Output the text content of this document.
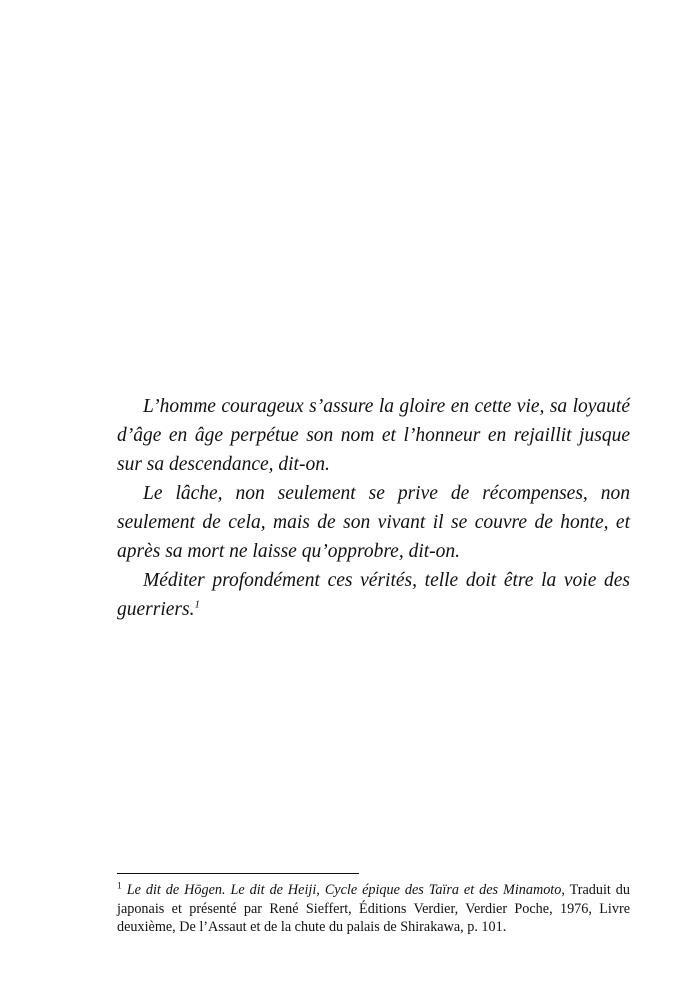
L’homme courageux s’assure la gloire en cette vie, sa loyauté d’âge en âge perpétue son nom et l’honneur en rejaillit jusque sur sa descendance, dit-on.

Le lâche, non seulement se prive de récompenses, non seulement de cela, mais de son vivant il se couvre de honte, et après sa mort ne laisse qu’opprobre, dit-on.

Méditer profondément ces vérités, telle doit être la voie des guerriers.$^1$

$^1$ Le dit de Hōgen. Le dit de Heiji, Cycle épique des Taïra et des Minamoto, Traduit du japonais et présenté par René Sieffert, Éditions Verdier, Verdier Poche, 1976, Livre deuxième, De l’Assaut et de la chute du palais de Shirakawa, p. 101.
